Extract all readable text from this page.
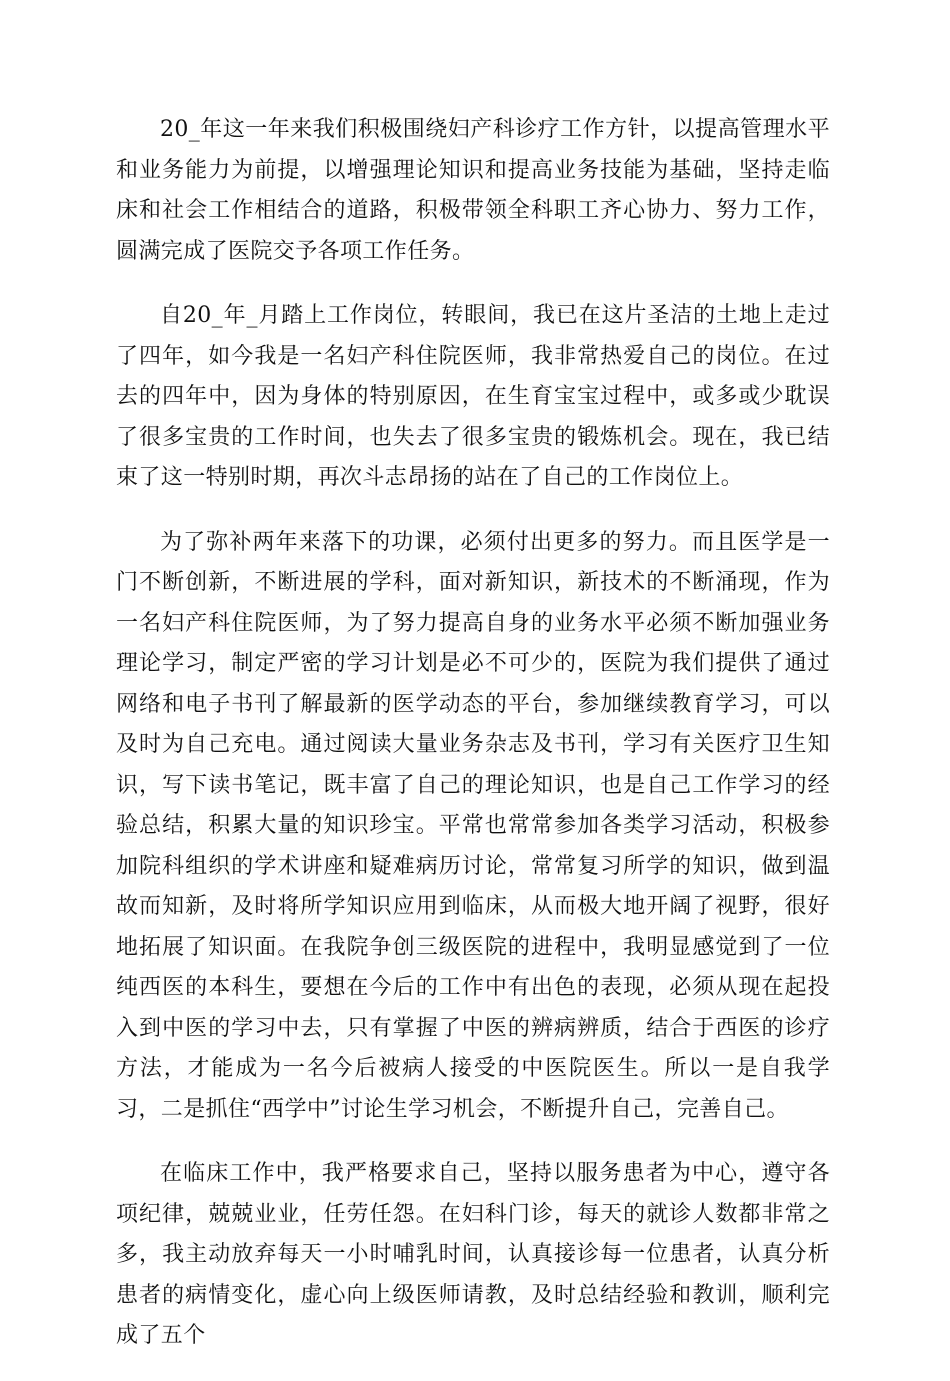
20_年这一年来我们积极围绕妇产科诊疗工作方针，以提高管理水平和业务能力为前提，以增强理论知识和提高业务技能为基础，坚持走临床和社会工作相结合的道路，积极带领全科职工齐心协力、努力工作，圆满完成了医院交予各项工作任务。

自20_年_月踏上工作岗位，转眼间，我已在这片圣洁的土地上走过了四年，如今我是一名妇产科住院医师，我非常热爱自己的岗位。在过去的四年中，因为身体的特别原因，在生育宝宝过程中，或多或少耽误了很多宝贵的工作时间，也失去了很多宝贵的锻炼机会。现在，我已结束了这一特别时期，再次斗志昂扬的站在了自己的工作岗位上。

为了弥补两年来落下的功课，必须付出更多的努力。而且医学是一门不断创新，不断进展的学科，面对新知识，新技术的不断涌现，作为一名妇产科住院医师，为了努力提高自身的业务水平必须不断加强业务理论学习，制定严密的学习计划是必不可少的，医院为我们提供了通过网络和电子书刊了解最新的医学动态的平台，参加继续教育学习，可以及时为自己充电。通过阅读大量业务杂志及书刊，学习有关医疗卫生知识，写下读书笔记，既丰富了自己的理论知识，也是自己工作学习的经验总结，积累大量的知识珍宝。平常也常常参加各类学习活动，积极参加院科组织的学术讲座和疑难病历讨论，常常复习所学的知识，做到温故而知新，及时将所学知识应用到临床，从而极大地开阔了视野，很好地拓展了知识面。在我院争创三级医院的进程中，我明显感觉到了一位纯西医的本科生，要想在今后的工作中有出色的表现，必须从现在起投入到中医的学习中去，只有掌握了中医的辨病辨质，结合于西医的诊疗方法，才能成为一名今后被病人接受的中医院医生。所以一是自我学习，二是抓住“西学中”讨论生学习机会，不断提升自己，完善自己。

在临床工作中，我严格要求自己，坚持以服务患者为中心，遵守各项纪律，兢兢业业，任劳任怨。在妇科门诊，每天的就诊人数都非常之多，我主动放弃每天一小时哺乳时间，认真接诊每一位患者，认真分析患者的病情变化，虚心向上级医师请教，及时总结经验和教训，顺利完成了五个
